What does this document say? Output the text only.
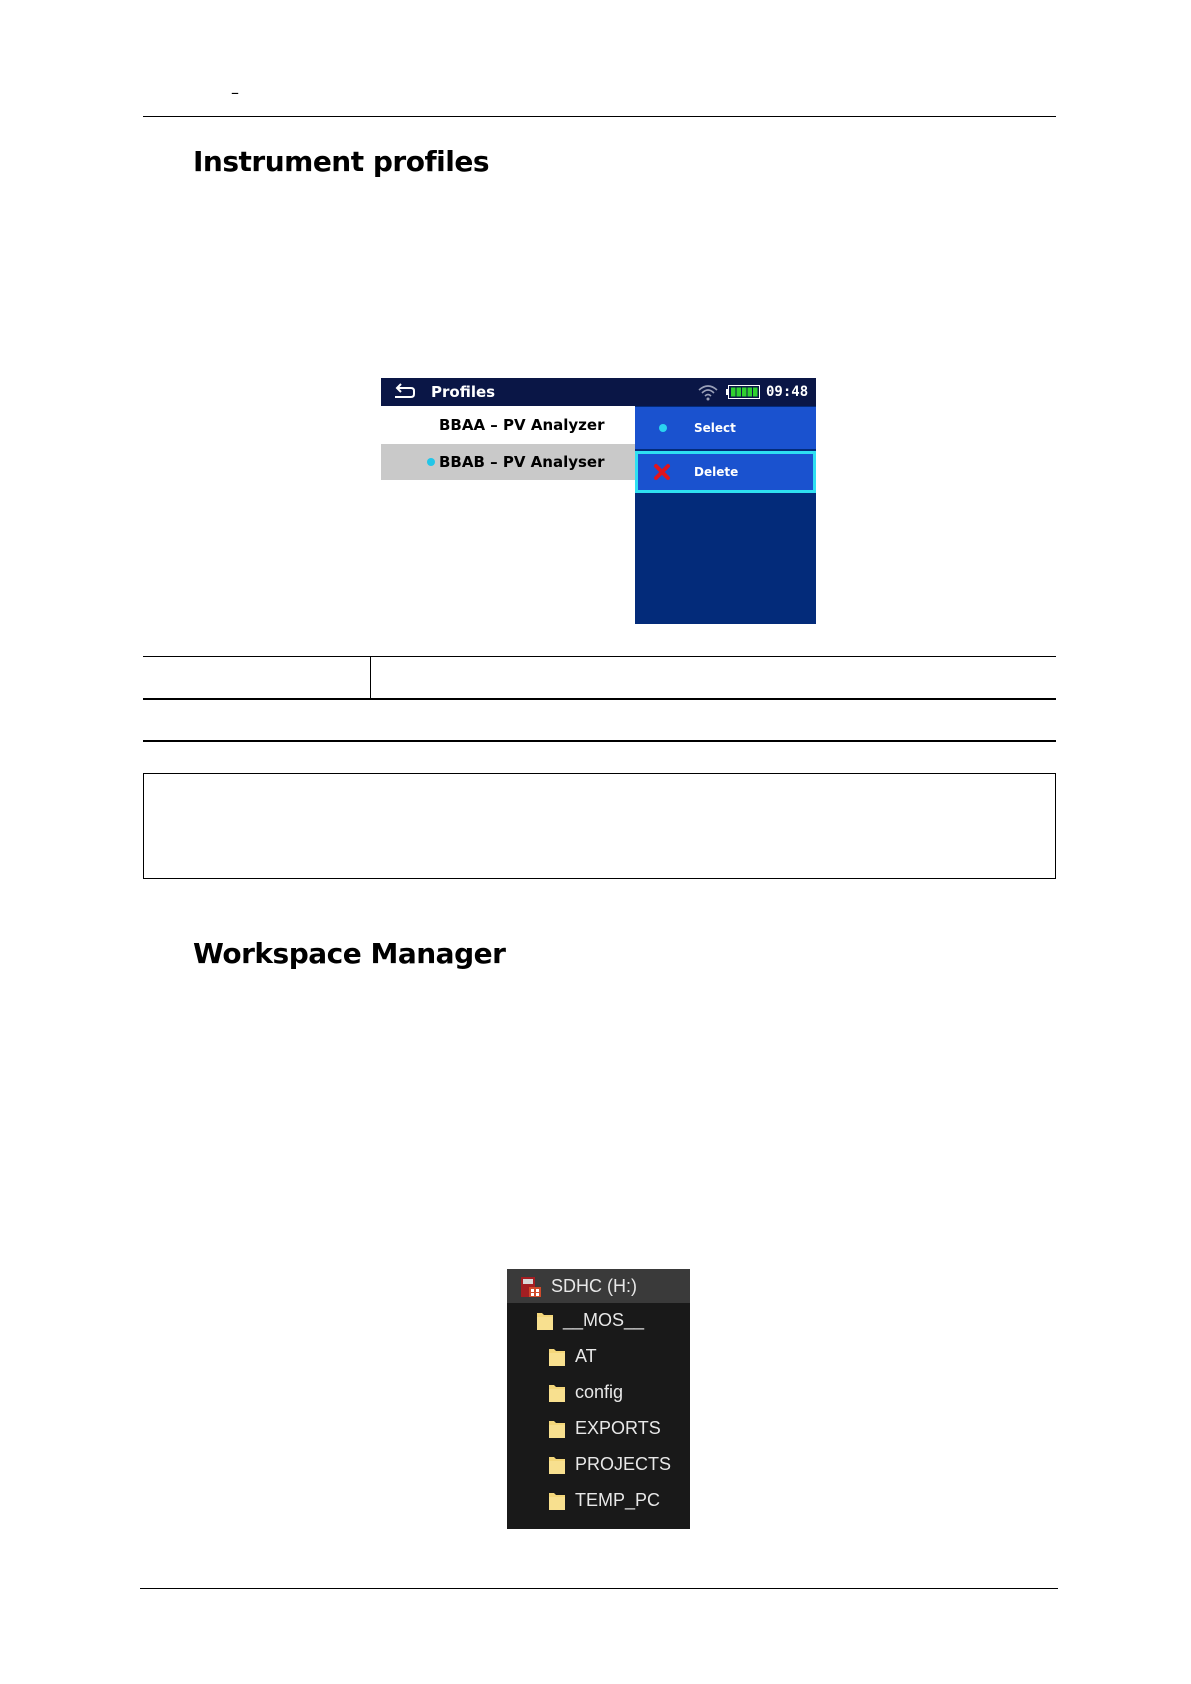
–
Instrument profiles
Profiles	09:48
BBAA – PV Analyzer
BBAB – PV Analyser
Select
Delete
Workspace Manager
SDHC (H:)
__MOS__
AT
config
EXPORTS
PROJECTS
TEMP_PC
